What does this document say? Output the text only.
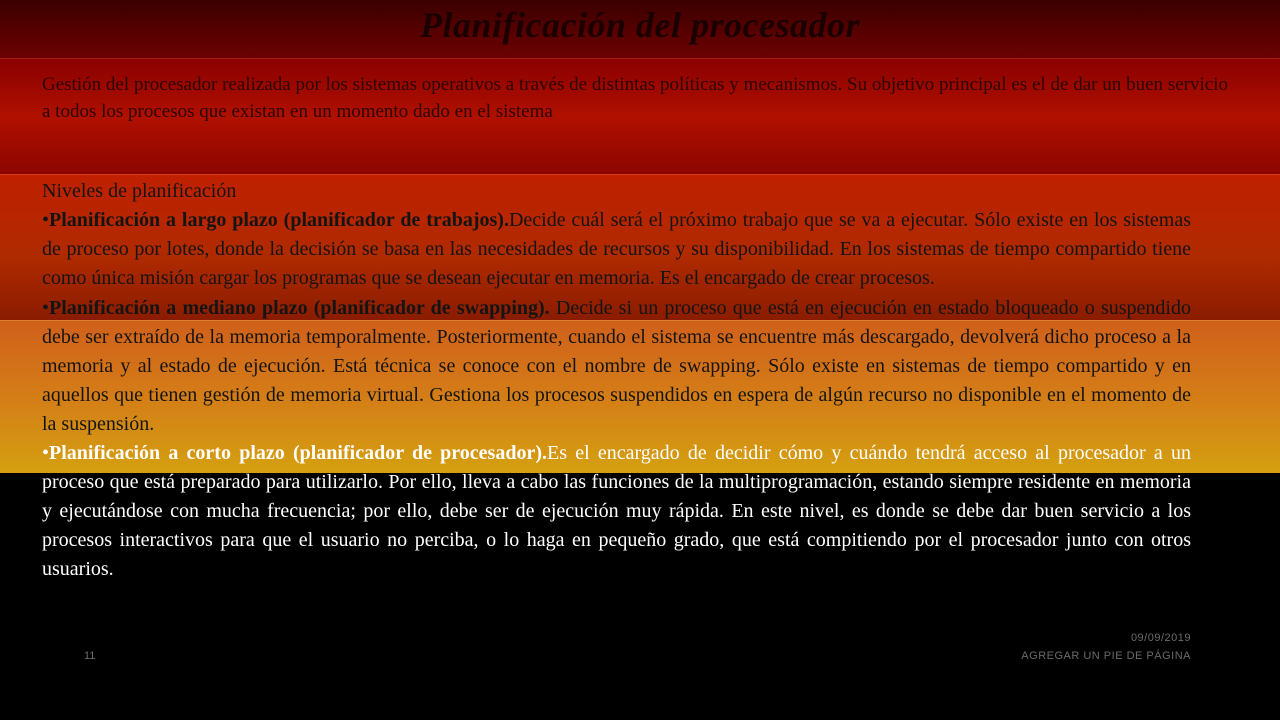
Planificación del procesador

Gestión del procesador realizada por los sistemas operativos a través de distintas políticas y mecanismos. Su objetivo principal es el de dar un buen servicio a todos los procesos que existan en un momento dado en el sistema

Niveles de planificación

•Planificación a largo plazo (planificador de trabajos).Decide cuál será el próximo trabajo que se va a ejecutar. Sólo existe en los sistemas de proceso por lotes, donde la decisión se basa en las necesidades de recursos y su disponibilidad. En los sistemas de tiempo compartido tiene como única misión cargar los programas que se desean ejecutar en memoria. Es el encargado de crear procesos.

•Planificación a mediano plazo (planificador de swapping). Decide si un proceso que está en ejecución en estado bloqueado o suspendido debe ser extraído de la memoria temporalmente. Posteriormente, cuando el sistema se encuentre más descargado, devolverá dicho proceso a la memoria y al estado de ejecución. Está técnica se conoce con el nombre de swapping. Sólo existe en sistemas de tiempo compartido y en aquellos que tienen gestión de memoria virtual. Gestiona los procesos suspendidos en espera de algún recurso no disponible en el momento de la suspensión.

•Planificación a corto plazo (planificador de procesador).Es el encargado de decidir cómo y cuándo tendrá acceso al procesador a un proceso que está preparado para utilizarlo. Por ello, lleva a cabo las funciones de la multiprogramación, estando siempre residente en memoria y ejecutándose con mucha frecuencia; por ello, debe ser de ejecución muy rápida. En este nivel, es donde se debe dar buen servicio a los procesos interactivos para que el usuario no perciba, o lo haga en pequeño grado, que está compitiendo por el procesador junto con otros usuarios.

11
09/09/2019
AGREGAR UN PIE DE PÁGINA
